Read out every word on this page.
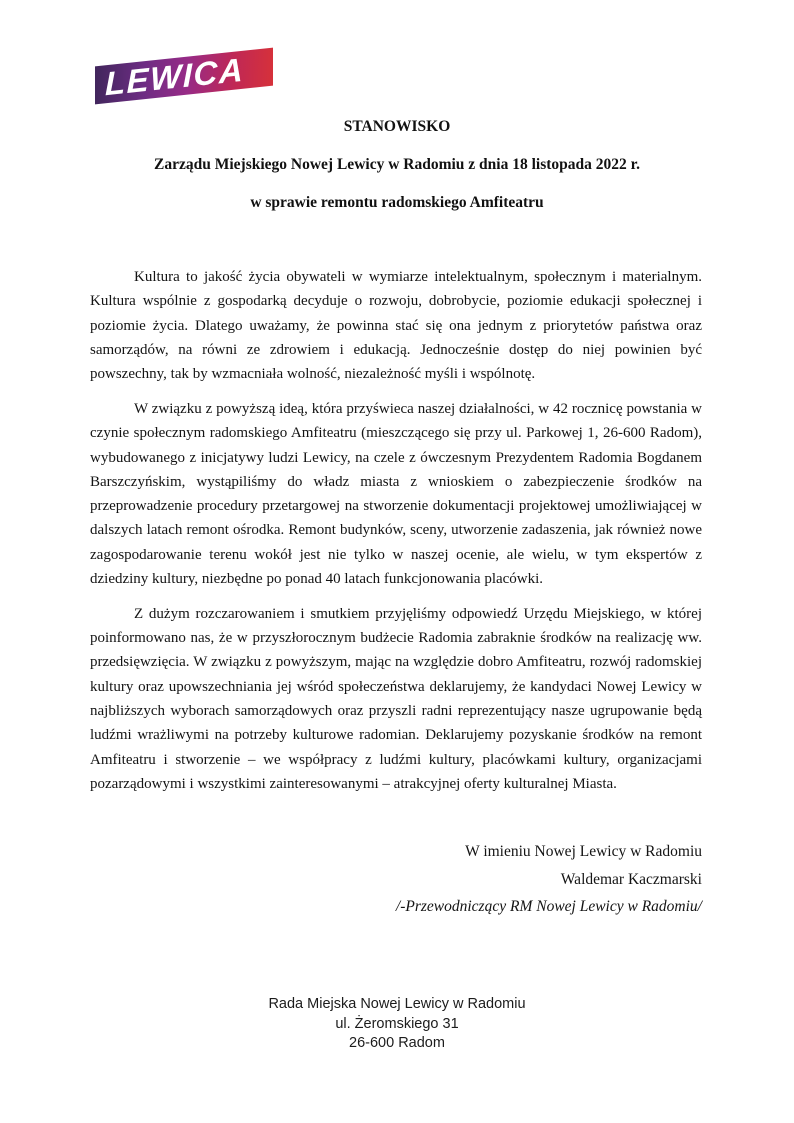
LEWICA
STANOWISKO
Zarządu Miejskiego Nowej Lewicy w Radomiu z dnia 18 listopada 2022 r.
w sprawie remontu radomskiego Amfiteatru

Kultura to jakość życia obywateli w wymiarze intelektualnym, społecznym i materialnym. Kultura wspólnie z gospodarką decyduje o rozwoju, dobrobycie, poziomie edukacji społecznej i poziomie życia. Dlatego uważamy, że powinna stać się ona jednym z priorytetów państwa oraz samorządów, na równi ze zdrowiem i edukacją. Jednocześnie dostęp do niej powinien być powszechny, tak by wzmacniała wolność, niezależność myśli i wspólnotę.

W związku z powyższą ideą, która przyświeca naszej działalności, w 42 rocznicę powstania w czynie społecznym radomskiego Amfiteatru (mieszczącego się przy ul. Parkowej 1, 26-600 Radom), wybudowanego z inicjatywy ludzi Lewicy, na czele z ówczesnym Prezydentem Radomia Bogdanem Barszczyńskim, wystąpiliśmy do władz miasta z wnioskiem o zabezpieczenie środków na przeprowadzenie procedury przetargowej na stworzenie dokumentacji projektowej umożliwiającej w dalszych latach remont ośrodka. Remont budynków, sceny, utworzenie zadaszenia, jak również nowe zagospodarowanie terenu wokół jest nie tylko w naszej ocenie, ale wielu, w tym ekspertów z dziedziny kultury, niezbędne po ponad 40 latach funkcjonowania placówki.

Z dużym rozczarowaniem i smutkiem przyjęliśmy odpowiedź Urzędu Miejskiego, w której poinformowano nas, że w przyszłorocznym budżecie Radomia zabraknie środków na realizację ww. przedsięwzięcia. W związku z powyższym, mając na względzie dobro Amfiteatru, rozwój radomskiej kultury oraz upowszechniania jej wśród społeczeństwa deklarujemy, że kandydaci Nowej Lewicy w najbliższych wyborach samorządowych oraz przyszli radni reprezentujący nasze ugrupowanie będą ludźmi wrażliwymi na potrzeby kulturowe radomian. Deklarujemy pozyskanie środków na remont Amfiteatru i stworzenie – we współpracy z ludźmi kultury, placówkami kultury, organizacjami pozarządowymi i wszystkimi zainteresowanymi – atrakcyjnej oferty kulturalnej Miasta.

W imieniu Nowej Lewicy w Radomiu
Waldemar Kaczmarski
/-Przewodniczący RM Nowej Lewicy w Radomiu/
Rada Miejska Nowej Lewicy w Radomiu
ul. Żeromskiego 31
26-600 Radom
